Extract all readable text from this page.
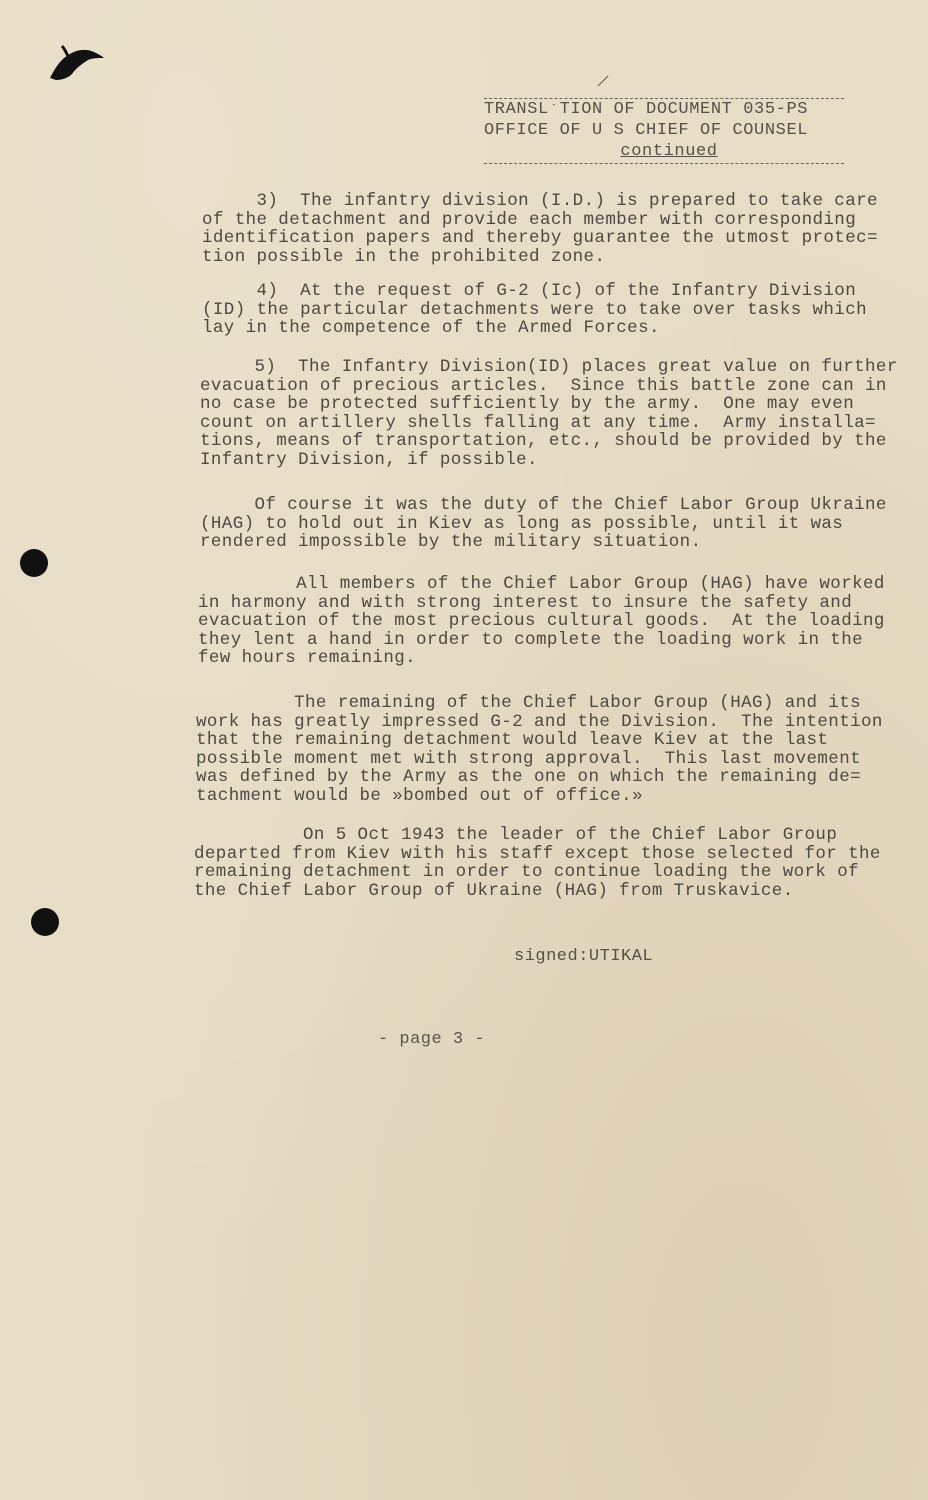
TRANSLˑTION OF DOCUMENT 035-PS
OFFICE OF U S CHIEF OF COUNSEL
continued
3)  The infantry division (I.D.) is prepared to take care
of the detachment and provide each member with corresponding
identification papers and thereby guarantee the utmost protec=
tion possible in the prohibited zone.
4)  At the request of G-2 (Ic) of the Infantry Division
(ID) the particular detachments were to take over tasks which
lay in the competence of the Armed Forces.
5)  The Infantry Division(ID) places great value on further
evacuation of precious articles.  Since this battle zone can in
no case be protected sufficiently by the army.  One may even
count on artillery shells falling at any time.  Army installa=
tions, means of transportation, etc., should be provided by the
Infantry Division, if possible.
Of course it was the duty of the Chief Labor Group Ukraine
(HAG) to hold out in Kiev as long as possible, until it was
rendered impossible by the military situation.
All members of the Chief Labor Group (HAG) have worked
in harmony and with strong interest to insure the safety and
evacuation of the most precious cultural goods.  At the loading
they lent a hand in order to complete the loading work in the
few hours remaining.
The remaining of the Chief Labor Group (HAG) and its
work has greatly impressed G-2 and the Division.  The intention
that the remaining detachment would leave Kiev at the last
possible moment met with strong approval.  This last movement
was defined by the Army as the one on which the remaining de=
tachment would be »bombed out of office.»
On 5 Oct 1943 the leader of the Chief Labor Group
departed from Kiev with his staff except those selected for the
remaining detachment in order to continue loading the work of
the Chief Labor Group of Ukraine (HAG) from Truskavice.
signed:UTIKAL
- page 3 -
